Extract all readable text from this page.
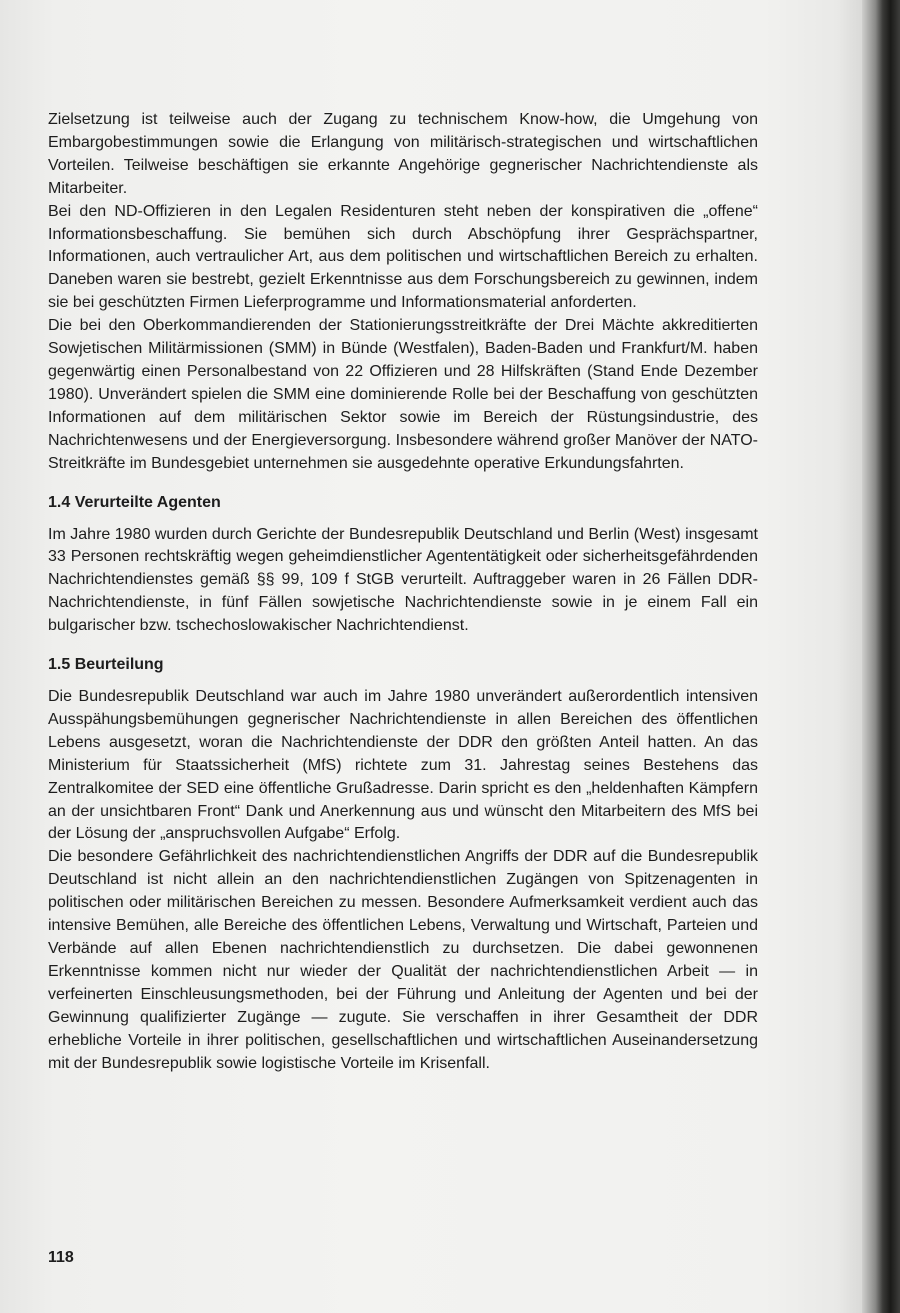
Zielsetzung ist teilweise auch der Zugang zu technischem Know-how, die Umgehung von Embargobestimmungen sowie die Erlangung von militärisch-strategischen und wirtschaftlichen Vorteilen. Teilweise beschäftigen sie erkannte Angehörige gegnerischer Nachrichtendienste als Mitarbeiter.

Bei den ND-Offizieren in den Legalen Residenturen steht neben der konspirativen die „offene“ Informationsbeschaffung. Sie bemühen sich durch Abschöpfung ihrer Gesprächspartner, Informationen, auch vertraulicher Art, aus dem politischen und wirtschaftlichen Bereich zu erhalten. Daneben waren sie bestrebt, gezielt Erkenntnisse aus dem Forschungsbereich zu gewinnen, indem sie bei geschützten Firmen Lieferprogramme und Informationsmaterial anforderten.

Die bei den Oberkommandierenden der Stationierungsstreitkräfte der Drei Mächte akkreditierten Sowjetischen Militärmissionen (SMM) in Bünde (Westfalen), Baden-Baden und Frankfurt/M. haben gegenwärtig einen Personalbestand von 22 Offizieren und 28 Hilfskräften (Stand Ende Dezember 1980). Unverändert spielen die SMM eine dominierende Rolle bei der Beschaffung von geschützten Informationen auf dem militärischen Sektor sowie im Bereich der Rüstungsindustrie, des Nachrichtenwesens und der Energieversorgung. Insbesondere während großer Manöver der NATO-Streitkräfte im Bundesgebiet unternehmen sie ausgedehnte operative Erkundungsfahrten.

1.4 Verurteilte Agenten

Im Jahre 1980 wurden durch Gerichte der Bundesrepublik Deutschland und Berlin (West) insgesamt 33 Personen rechtskräftig wegen geheimdienstlicher Agententätigkeit oder sicherheitsgefährdenden Nachrichtendienstes gemäß §§ 99, 109 f StGB verurteilt. Auftraggeber waren in 26 Fällen DDR-Nachrichtendienste, in fünf Fällen sowjetische Nachrichtendienste sowie in je einem Fall ein bulgarischer bzw. tschechoslowakischer Nachrichtendienst.

1.5 Beurteilung

Die Bundesrepublik Deutschland war auch im Jahre 1980 unverändert außerordentlich intensiven Ausspähungsbemühungen gegnerischer Nachrichtendienste in allen Bereichen des öffentlichen Lebens ausgesetzt, woran die Nachrichtendienste der DDR den größten Anteil hatten. An das Ministerium für Staatssicherheit (MfS) richtete zum 31. Jahrestag seines Bestehens das Zentralkomitee der SED eine öffentliche Grußadresse. Darin spricht es den „heldenhaften Kämpfern an der unsichtbaren Front“ Dank und Anerkennung aus und wünscht den Mitarbeitern des MfS bei der Lösung der „anspruchsvollen Aufgabe“ Erfolg.

Die besondere Gefährlichkeit des nachrichtendienstlichen Angriffs der DDR auf die Bundesrepublik Deutschland ist nicht allein an den nachrichtendienstlichen Zugängen von Spitzenagenten in politischen oder militärischen Bereichen zu messen. Besondere Aufmerksamkeit verdient auch das intensive Bemühen, alle Bereiche des öffentlichen Lebens, Verwaltung und Wirtschaft, Parteien und Verbände auf allen Ebenen nachrichtendienstlich zu durchsetzen. Die dabei gewonnenen Erkenntnisse kommen nicht nur wieder der Qualität der nachrichtendienstlichen Arbeit — in verfeinerten Einschleusungsmethoden, bei der Führung und Anleitung der Agenten und bei der Gewinnung qualifizierter Zugänge — zugute. Sie verschaffen in ihrer Gesamtheit der DDR erhebliche Vorteile in ihrer politischen, gesellschaftlichen und wirtschaftlichen Auseinandersetzung mit der Bundesrepublik sowie logistische Vorteile im Krisenfall.

118
